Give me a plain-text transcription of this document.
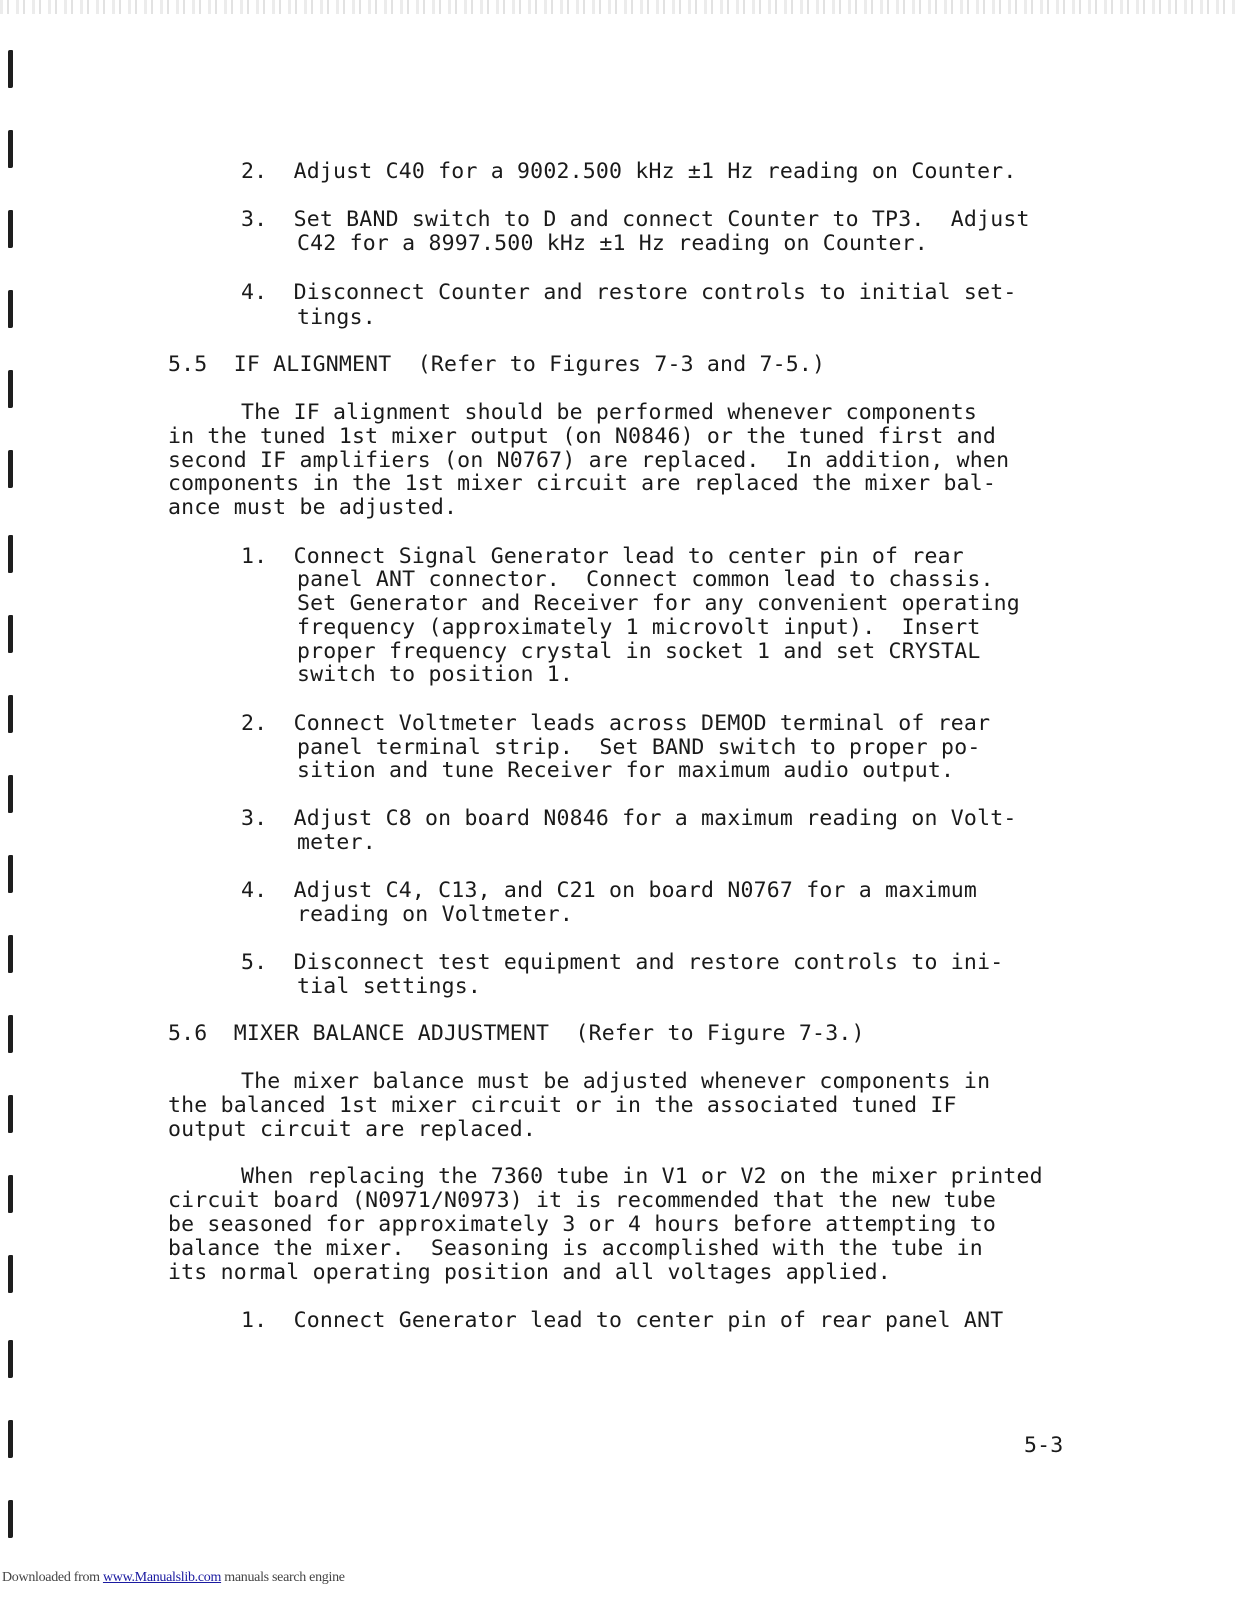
2.  Adjust C40 for a 9002.500 kHz ±1 Hz reading on Counter.
3.  Set BAND switch to D and connect Counter to TP3.  Adjust
C42 for a 8997.500 kHz ±1 Hz reading on Counter.
4.  Disconnect Counter and restore controls to initial set-
tings.
5.5  IF ALIGNMENT  (Refer to Figures 7-3 and 7-5.)
The IF alignment should be performed whenever components
in the tuned 1st mixer output (on N0846) or the tuned first and
second IF amplifiers (on N0767) are replaced.  In addition, when
components in the 1st mixer circuit are replaced the mixer bal-
ance must be adjusted.
1.  Connect Signal Generator lead to center pin of rear
panel ANT connector.  Connect common lead to chassis.
Set Generator and Receiver for any convenient operating
frequency (approximately 1 microvolt input).  Insert
proper frequency crystal in socket 1 and set CRYSTAL
switch to position 1.
2.  Connect Voltmeter leads across DEMOD terminal of rear
panel terminal strip.  Set BAND switch to proper po-
sition and tune Receiver for maximum audio output.
3.  Adjust C8 on board N0846 for a maximum reading on Volt-
meter.
4.  Adjust C4, C13, and C21 on board N0767 for a maximum
reading on Voltmeter.
5.  Disconnect test equipment and restore controls to ini-
tial settings.
5.6  MIXER BALANCE ADJUSTMENT  (Refer to Figure 7-3.)
The mixer balance must be adjusted whenever components in
the balanced 1st mixer circuit or in the associated tuned IF
output circuit are replaced.
When replacing the 7360 tube in V1 or V2 on the mixer printed
circuit board (N0971/N0973) it is recommended that the new tube
be seasoned for approximately 3 or 4 hours before attempting to
balance the mixer.  Seasoning is accomplished with the tube in
its normal operating position and all voltages applied.
1.  Connect Generator lead to center pin of rear panel ANT
5-3
Downloaded from www.Manualslib.com manuals search engine
